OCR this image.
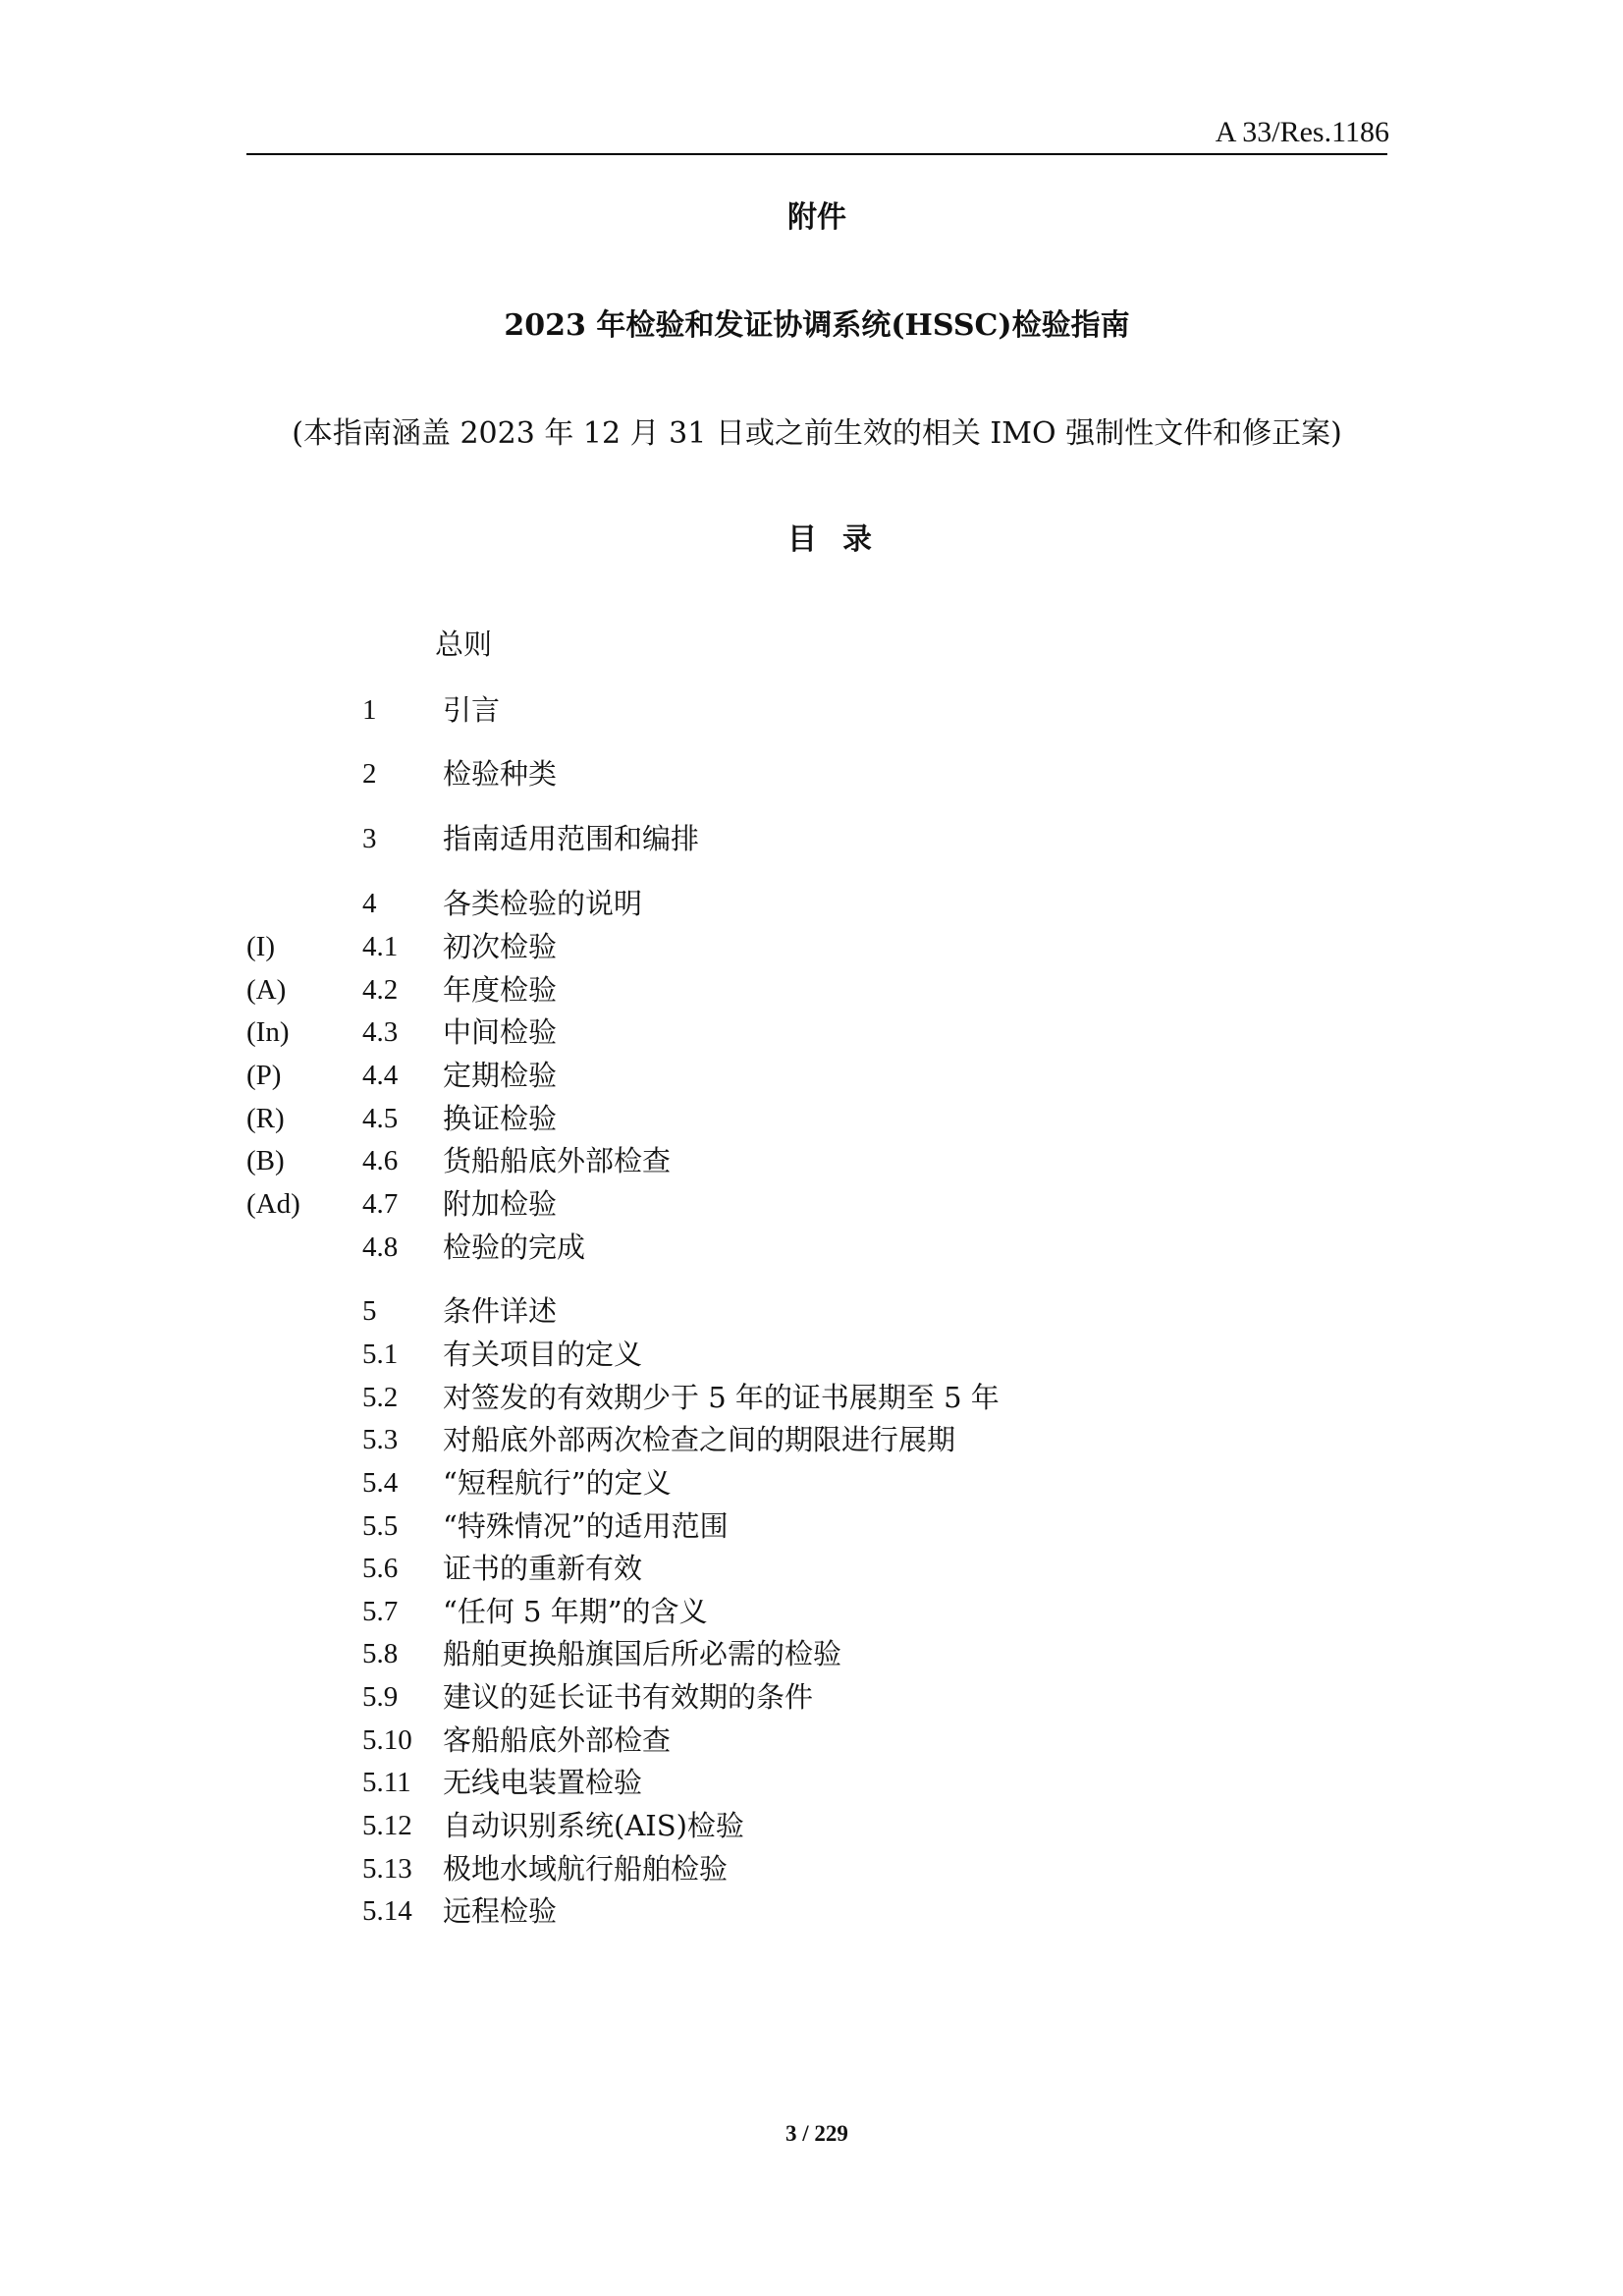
A 33/Res.1186
附件
2023 年检验和发证协调系统(HSSC)检验指南
(本指南涵盖 2023 年 12 月 31 日或之前生效的相关 IMO 强制性文件和修正案)
目录
总则
1 引言
2 检验种类
3 指南适用范围和编排
4 各类检验的说明
(I)	4.1 初次检验
(A)	4.2 年度检验
(In)	4.3 中间检验
(P)	4.4 定期检验
(R)	4.5 换证检验
(B)	4.6 货船船底外部检查
(Ad) 4.7 附加检验
4.8 检验的完成
5 条件详述
5.1 有关项目的定义
5.2 对签发的有效期少于 5 年的证书展期至 5 年
5.3 对船底外部两次检查之间的期限进行展期
5.4 “短程航行”的定义
5.5 “特殊情况”的适用范围
5.6 证书的重新有效
5.7 “任何 5 年期”的含义
5.8 船舶更换船旗国后所必需的检验
5.9 建议的延长证书有效期的条件
5.10 客船船底外部检查
5.11 无线电装置检验
5.12 自动识别系统(AIS)检验
5.13 极地水域航行船舶检验
5.14 远程检验
3 / 229
